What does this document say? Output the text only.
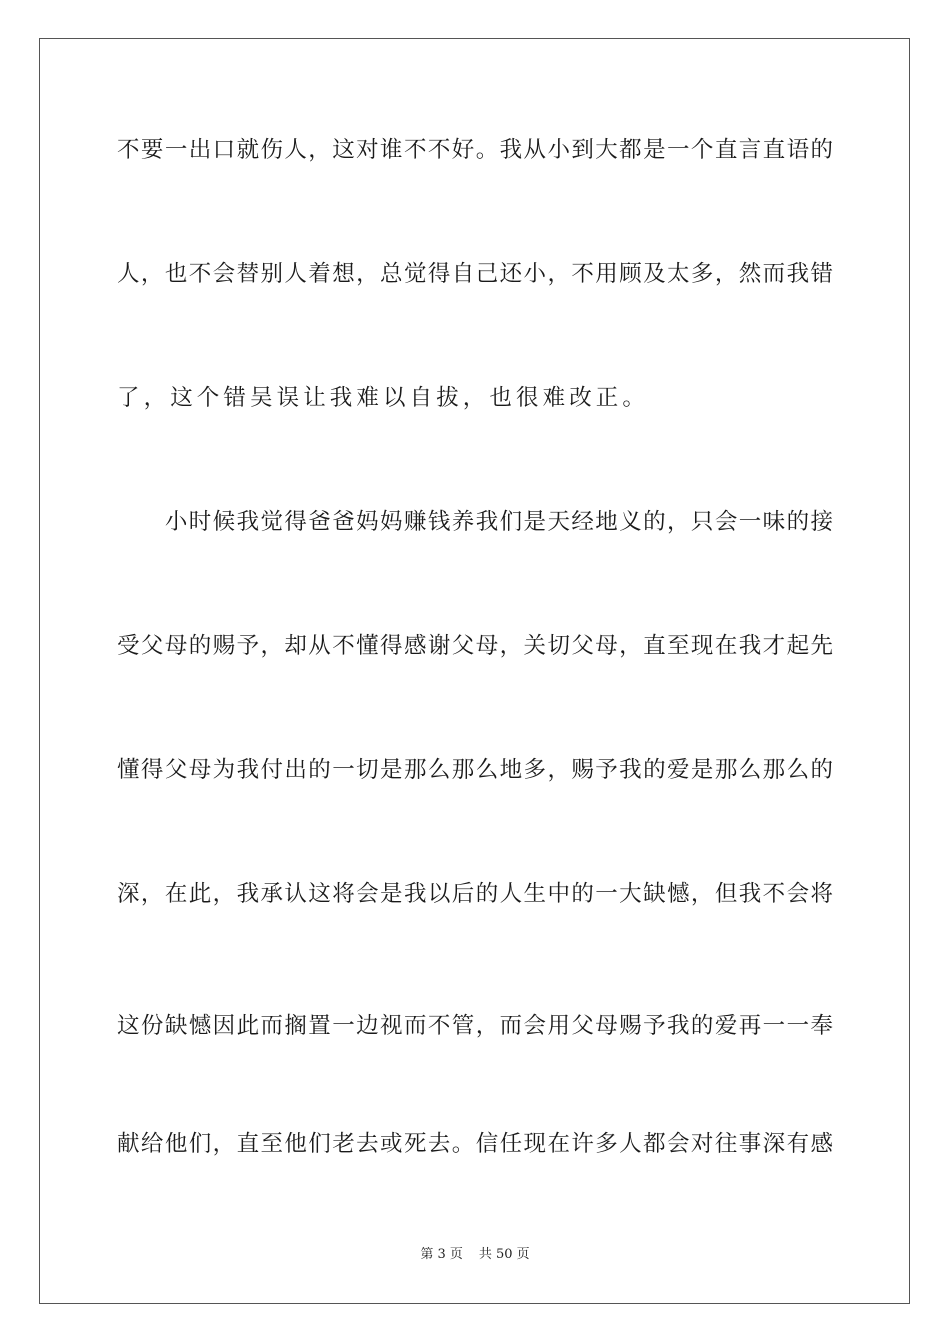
不要一出口就伤人，这对谁不不好。我从小到大都是一个直言直语的
人，也不会替别人着想，总觉得自己还小，不用顾及太多，然而我错
了，这个错吴误让我难以自拔，也很难改正。
　　小时候我觉得爸爸妈妈赚钱养我们是天经地义的，只会一味的接
受父母的赐予，却从不懂得感谢父母，关切父母，直至现在我才起先
懂得父母为我付出的一切是那么那么地多，赐予我的爱是那么那么的
深，在此，我承认这将会是我以后的人生中的一大缺憾，但我不会将
这份缺憾因此而搁置一边视而不管，而会用父母赐予我的爱再一一奉
献给他们，直至他们老去或死去。信任现在许多人都会对往事深有感
第 3 页 共 50 页
